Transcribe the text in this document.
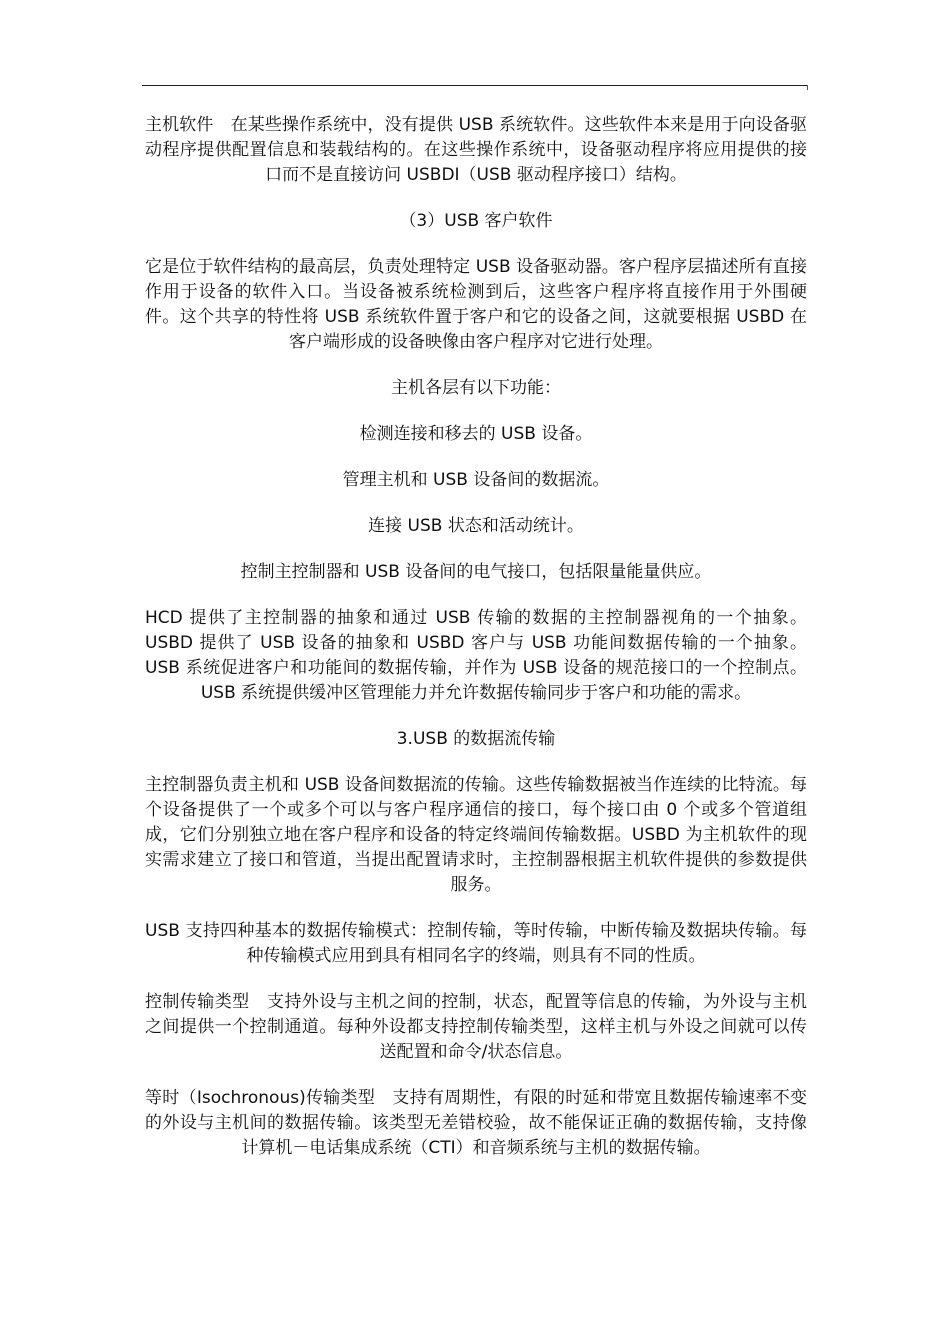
主机软件　在某些操作系统中，没有提供 USB 系统软件。这些软件本来是用于向设备驱动程序提供配置信息和装载结构的。在这些操作系统中，设备驱动程序将应用提供的接口而不是直接访问 USBDI（USB 驱动程序接口）结构。

（3）USB 客户软件

它是位于软件结构的最高层，负责处理特定 USB 设备驱动器。客户程序层描述所有直接作用于设备的软件入口。当设备被系统检测到后，这些客户程序将直接作用于外围硬件。这个共享的特性将 USB 系统软件置于客户和它的设备之间，这就要根据 USBD 在客户端形成的设备映像由客户程序对它进行处理。

主机各层有以下功能：

检测连接和移去的 USB 设备。

管理主机和 USB 设备间的数据流。

连接 USB 状态和活动统计。

控制主控制器和 USB 设备间的电气接口，包括限量能量供应。

HCD 提供了主控制器的抽象和通过 USB 传输的数据的主控制器视角的一个抽象。USBD 提供了 USB 设备的抽象和 USBD 客户与 USB 功能间数据传输的一个抽象。USB 系统促进客户和功能间的数据传输，并作为 USB 设备的规范接口的一个控制点。USB 系统提供缓冲区管理能力并允许数据传输同步于客户和功能的需求。

3.USB 的数据流传输

主控制器负责主机和 USB 设备间数据流的传输。这些传输数据被当作连续的比特流。每个设备提供了一个或多个可以与客户程序通信的接口，每个接口由 0 个或多个管道组成，它们分别独立地在客户程序和设备的特定终端间传输数据。USBD 为主机软件的现实需求建立了接口和管道，当提出配置请求时，主控制器根据主机软件提供的参数提供服务。

USB 支持四种基本的数据传输模式：控制传输，等时传输，中断传输及数据块传输。每种传输模式应用到具有相同名字的终端，则具有不同的性质。

控制传输类型　支持外设与主机之间的控制，状态，配置等信息的传输，为外设与主机之间提供一个控制通道。每种外设都支持控制传输类型，这样主机与外设之间就可以传送配置和命令/状态信息。

等时（Isochronous)传输类型　支持有周期性，有限的时延和带宽且数据传输速率不变的外设与主机间的数据传输。该类型无差错校验，故不能保证正确的数据传输，支持像计算机－电话集成系统（CTI）和音频系统与主机的数据传输。
